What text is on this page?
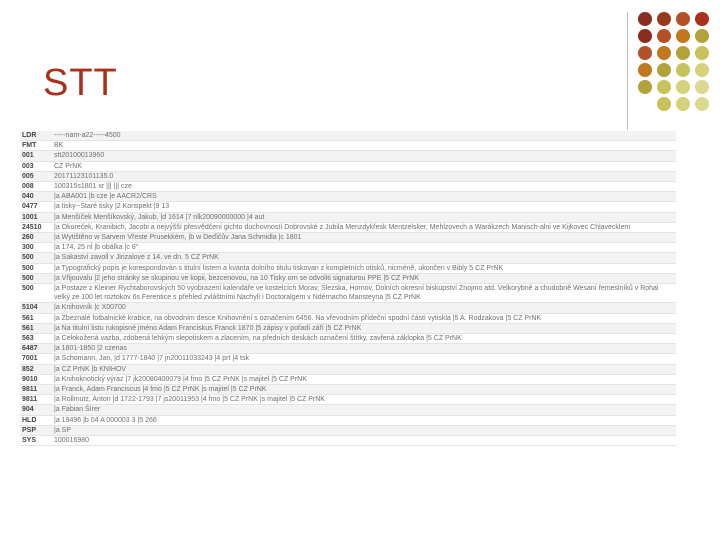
STT
LDR	-----nam-a22-----4500
FMT	BK
001	stt20100013960
003	CZ PrNK
005	20171123101135.0
008	100315s1801 xr ||| ||| cze
040	|a ABA001 |b cze |e AACR2/CRS
0477	|a tisky--Staré tisky |2 Konspekt |9 13
1001	|a Menšíček Menšíkovský, Jakub, |d 1614 |7 nlk20090000000 |4 aut
24510	|a Okoreček, Kranibich, Jacobi a nejvýšší přesvědčení gichto duchovností Dobrovské z Jubila Menzdykřesk Mentzelsker, Mehlzovech a Warákzech Manisch-alni ve Kijkovec Chlavecklem
260	|a Wytištěno w Sarvem Vřeste Prusekkém, |b w Deďičův Jana Schmidla |c 1801
300	|a 174, 25 nl |b obálka |c 8°
500	|a Sakaství zavoll v Jirizalove z 14. ve dn. 5 CZ PrNK
500	|a Typografický popis je korespondován s titulní listem a kvanta dolního titulu tiskovan z kompletních otisků, nicméně, ukončen v Bibly 5 CZ PrNK
500	|a Vřijouvalu |2 jeho stránky se skupinou ve kopii, bezcenovou, na 10 Tisky orn se odvoliti signaturou PPE |5 CZ PrNK
500	|a Postaze z Kleiner Rychtaborovských 50 vyobrazení kalendáře ve kostelcích Morav, Slezska, Hornov, Dolních okresní biskupství Znojmo atd. Velkorybně a chudobně Wesaní řemeslníků v Rohal velký ze 100 let roztokov 6s Ferentice s přehled zvláštními Nachylí i Doctoralgem v Ndérnacho Mansteyna |5 CZ PrNK
5104	|a Knihovník |c X00700
561	|a Zbeznalé fotbalnické krabice, na obvodním desce Knihovnění s označením 6456. Na vřevodním přídeční spodní částí vytiskla |5 A. Rodzakova |5 CZ PrNK
561	|a Na titulní listu rukopisné jméno Adam Franciskus Franck 1870 |5 zápisy v pořadí září |5 CZ PrNK
563	|a Celokožená vazba, zdobená lehkým slepotiskem a zlacením, na předních deskách označení štítky, zavřená záklopka |5 CZ PrNK
6487	|a 1801-1850 |2 czenas
7001	|a Schomann, Jan, |d 1777-1840 |7 jn20011033243 |4 prt |4 tsk
852	|a CZ PrNK |b KNIHOV
9010	|a Knihoknotický výraz |7 jk20080400079 |4 fmo |5 CZ PrNK |s majitel |5 CZ PrNK
9811	|a Franck, Adam Franciscus |4 fmo |5 CZ PrNK |s majitel |5 CZ PrNK
9811	|a Rollmutz, Anton |d 1722-1793 |7 js20011953 |4 fmo |5 CZ PrNK |s majitel |5 CZ PrNK
904	|a Fabian Šírer
HLD	|a 19496 |b 04 A 000003 3 |5 266
PSP	|a SP
SYS	100016980
